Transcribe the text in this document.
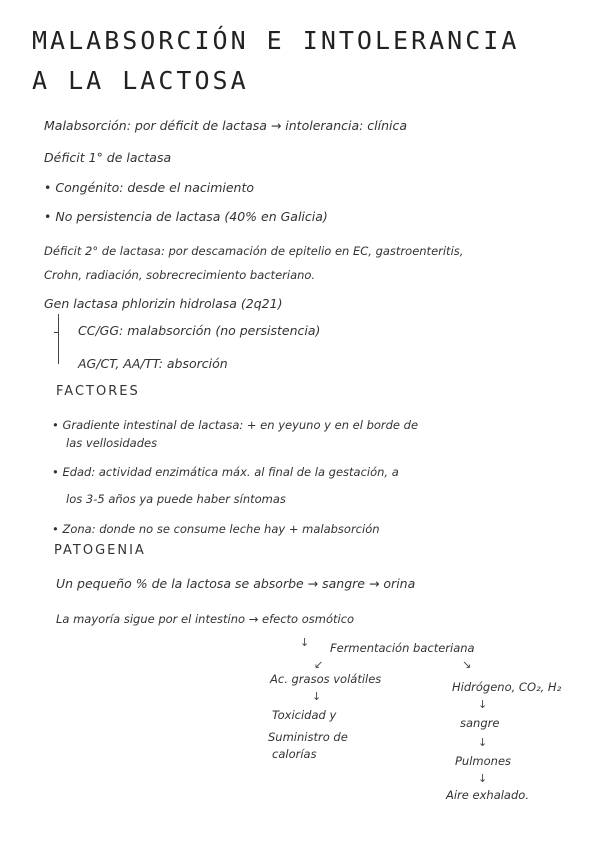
MALABSORCIÓN E INTOLERANCIA
A LA LACTOSA
Malabsorción: por déficit de lactasa → intolerancia: clínica
Déficit 1° de lactasa
• Congénito: desde el nacimiento
• No persistencia de lactasa (40% en Galicia)
Déficit 2° de lactasa: por descamación de epitelio en EC, gastroenteritis,
Crohn, radiación, sobrecrecimiento bacteriano.
Gen lactasa phlorizin hidrolasa (2q21)
CC/GG: malabsorción (no persistencia)
AG/CT, AA/TT: absorción
FACTORES
• Gradiente intestinal de lactasa: + en yeyuno y en el borde de
las vellosidades
• Edad: actividad enzimática máx. al final de la gestación, a
los 3-5 años ya puede haber síntomas
• Zona: donde no se consume leche hay + malabsorción
PATOGENIA
Un pequeño % de la lactosa se absorbe → sangre → orina
La mayoría sigue por el intestino → efecto osmótico
↓ Fermentación bacteriana
↘
↙
Ac. grasos volátiles
↓
Toxicidad y
Suministro de
calorías
Hidrógeno, CO₂, H₂
↓
sangre
↓
Pulmones
↓
Aire exhalado.
